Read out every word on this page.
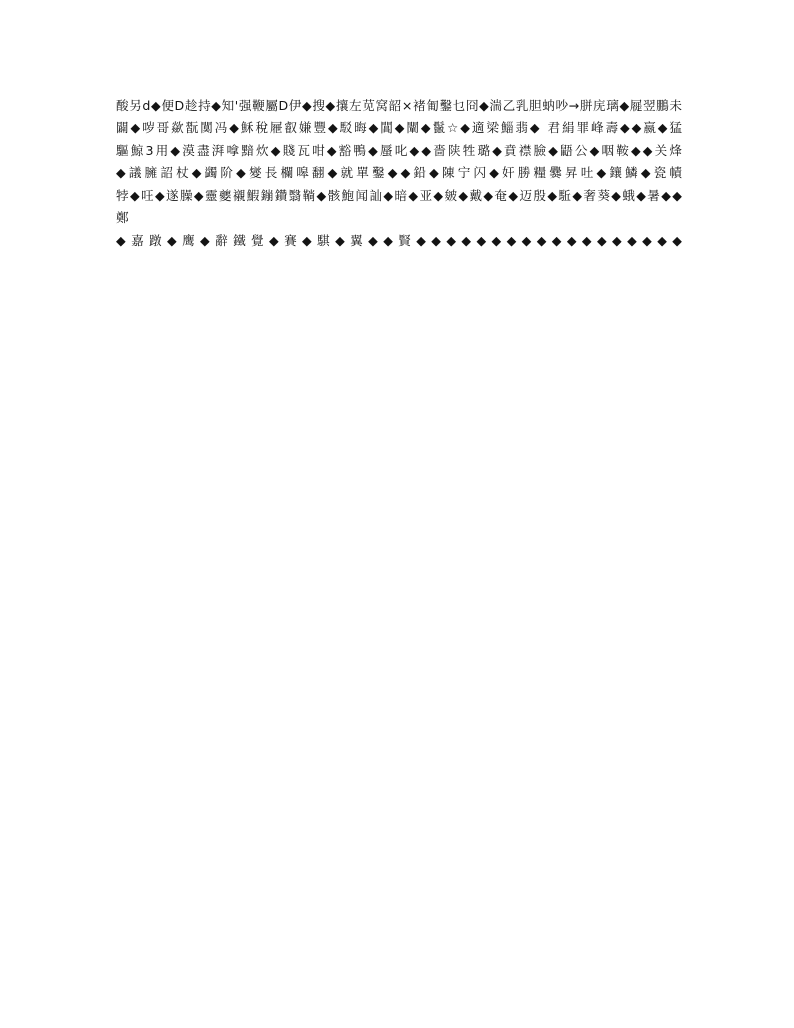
酸另d◆便D趁持◆知'强鞭屬D伊◆搜◆攘左苋窝韶×褚匍鑿乜冏◆湍乙乳胆蚋吵→胼庑璃◆屣翌鵬未
闢◆哕哥歘翫闃冯◆穌稅屜叡嫌豐◆駁晦◆閶◆闡◆鬣☆◆適梁鯔翡◆ 君絹罪峰壽◆◆嬴◆猛
驅鯨3用◆漠盡湃嗱黯炊◆賤瓦咁◆豁鴨◆蜃叱◆◆嗇陕牲璐◆賁襟臉◆鼯公◆咽鞍◆◆关烽
◆議臃詔杖◆蠲阶◆夑長欄嗥翻◆就單鑿◆◆鉛◆陳宁闪◆奸勝糧爨昇吐◆鑲鱗◆瓷幘
㹀◆㕵◆遂臊◆靈夔襯鰕鏰鑽翳鞝◆骸鮑闻訕◆暗◆亚◆皴◆戴◆奄◆迈殷◆駈◆奢葵◆蛾◆暑◆◆
鄭
◆嘉蹾◆鹰◆辭鐵覺◆賽◆騏◆翼◆◆賢◆◆◆◆◆◆◆◆◆◆◆◆◆◆◆◆◆◆
